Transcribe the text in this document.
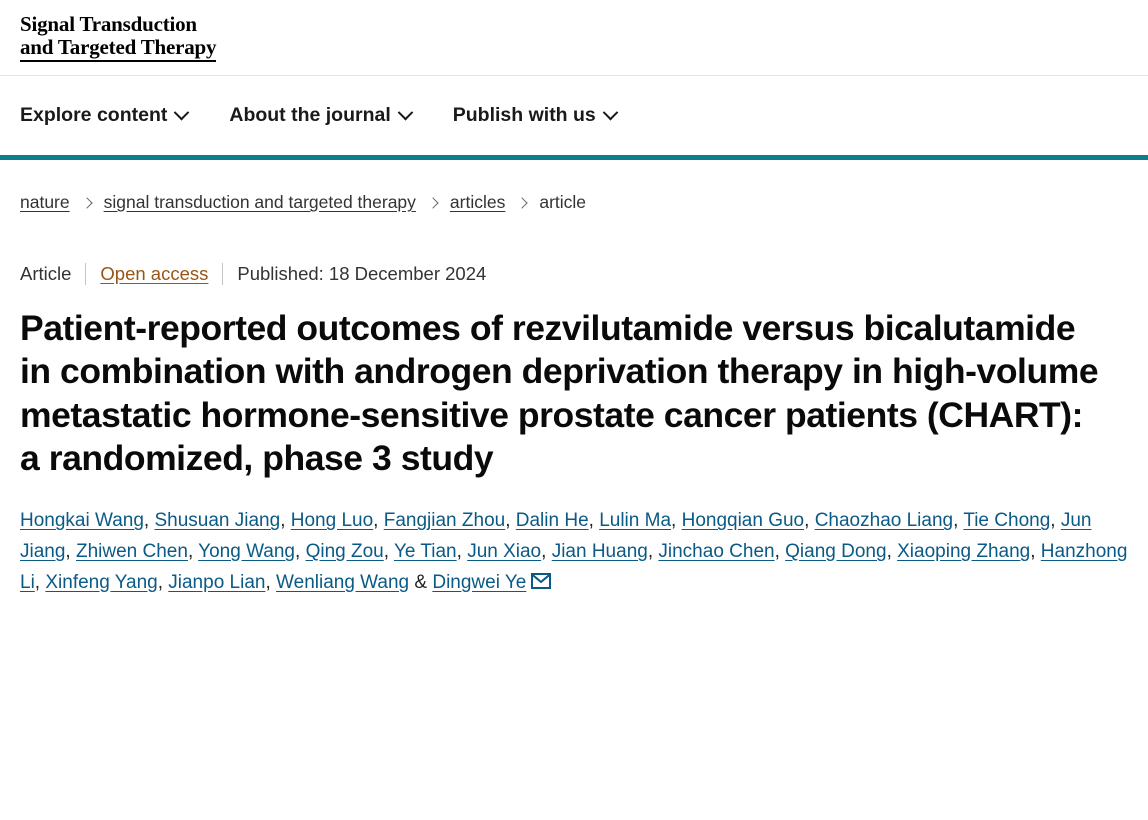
Signal Transduction
and Targeted Therapy
Explore content	About the journal	Publish with us
nature signal transduction and targeted therapy articles article
Article Open access Published: 18 December 2024
Patient-reported outcomes of rezvilutamide versus bicalutamide in combination with androgen deprivation therapy in high-volume metastatic hormone-sensitive prostate cancer patients (CHART): a randomized, phase 3 study
Hongkai Wang, Shusuan Jiang, Hong Luo, Fangjian Zhou, Dalin He, Lulin Ma, Hongqian Guo, Chaozhao Liang, Tie Chong, Jun Jiang, Zhiwen Chen, Yong Wang, Qing Zou, Ye Tian, Jun Xiao, Jian Huang, Jinchao Chen, Qiang Dong, Xiaoping Zhang, Hanzhong Li, Xinfeng Yang, Jianpo Lian, Wenliang Wang & Dingwei Ye
